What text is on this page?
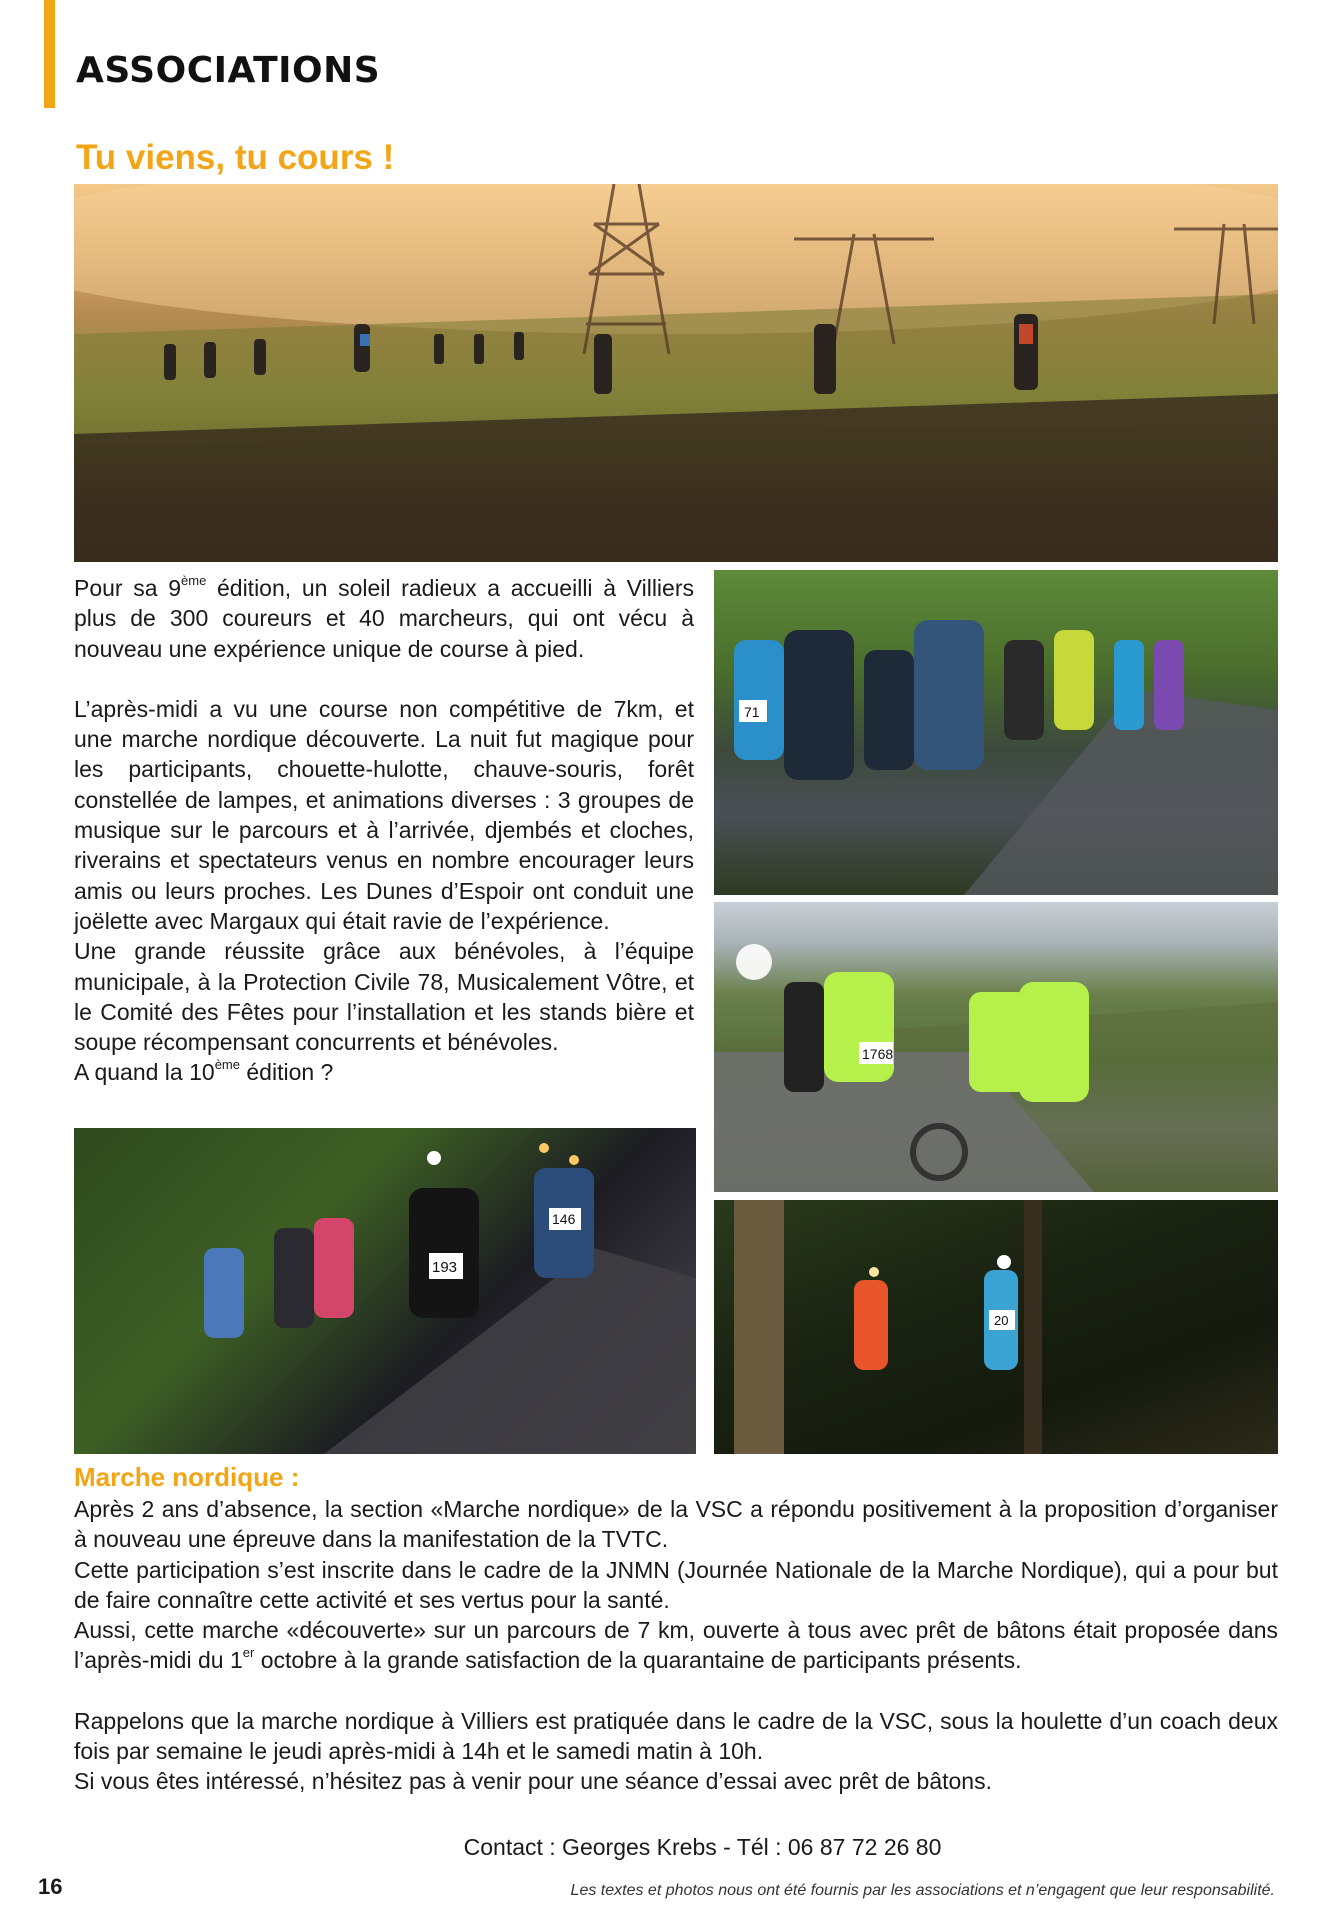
ASSOCIATIONS
Tu viens, tu cours !

Pour sa 9ème édition, un soleil radieux a accueilli à Villiers plus de 300 coureurs et 40 marcheurs, qui ont vécu à nouveau une expérience unique de course à pied.

L’après-midi a vu une course non compétitive de 7km, et une marche nordique découverte. La nuit fut magique pour les participants, chouette-hulotte, chauve-souris, forêt constellée de lampes, et animations diverses : 3 groupes de musique sur le parcours et à l’arrivée, djembés et cloches, riverains et spectateurs venus en nombre encourager leurs amis ou leurs proches. Les Dunes d’Espoir ont conduit une joëlette avec Margaux qui était ravie de l’expérience.

Une grande réussite grâce aux bénévoles, à l’équipe municipale, à la Protection Civile 78, Musicalement Vôtre, et le Comité des Fêtes pour l’installation et les stands bière et soupe récompensant concurrents et bénévoles.

A quand la 10ème édition ?

71
1768
193
146
20
Marche nordique :

Après 2 ans d’absence, la section «Marche nordique» de la VSC a répondu positivement à la proposition d’organiser à nouveau une épreuve dans la manifestation de la TVTC.

Cette participation s’est inscrite dans le cadre de la JNMN (Journée Nationale de la Marche Nordique), qui a pour but de faire connaître cette activité et ses vertus pour la santé.

Aussi, cette marche «découverte» sur un parcours de 7 km, ouverte à tous avec prêt de bâtons était proposée dans l’après-midi du 1er octobre à la grande satisfaction de la quarantaine de participants présents.

Rappelons que la marche nordique à Villiers est pratiquée dans le cadre de la VSC, sous la houlette d’un coach deux fois par semaine le jeudi après-midi à 14h et le samedi matin à 10h.

Si vous êtes intéressé, n’hésitez pas à venir pour une séance d’essai avec prêt de bâtons.

Contact : Georges Krebs - Tél : 06 87 72 26 80
16	Les textes et photos nous ont été fournis par les associations et n’engagent que leur responsabilité.
